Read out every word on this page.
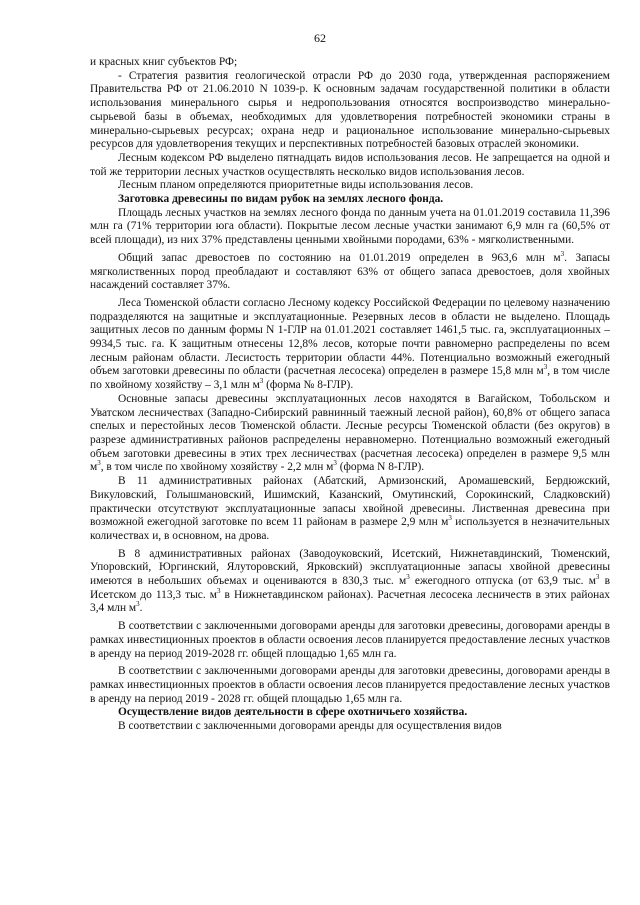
62

и красных книг субъектов РФ;

- Стратегия развития геологической отрасли РФ до 2030 года, утвержденная распоряжением Правительства РФ от 21.06.2010 N 1039-р. К основным задачам государственной политики в области использования минерального сырья и недропользования относятся воспроизводство минерально-сырьевой базы в объемах, необходимых для удовлетворения потребностей экономики страны в минерально-сырьевых ресурсах; охрана недр и рациональное использование минерально-сырьевых ресурсов для удовлетворения текущих и перспективных потребностей базовых отраслей экономики.

Лесным кодексом РФ выделено пятнадцать видов использования лесов. Не запрещается на одной и той же территории лесных участков осуществлять несколько видов использования лесов.

Лесным планом определяются приоритетные виды использования лесов.

Заготовка древесины по видам рубок на землях лесного фонда.

Площадь лесных участков на землях лесного фонда по данным учета на 01.01.2019 составила 11,396 млн га (71% территории юга области). Покрытые лесом лесные участки занимают 6,9 млн га (60,5% от всей площади), из них 37% представлены ценными хвойными породами, 63% - мягколиственными.

Общий запас древостоев по состоянию на 01.01.2019 определен в 963,6 млн $м^3$. Запасы мягколиственных пород преобладают и составляют 63% от общего запаса древостоев, доля хвойных насаждений составляет 37%.

Леса Тюменской области согласно Лесному кодексу Российской Федерации по целевому назначению подразделяются на защитные и эксплуатационные. Резервных лесов в области не выделено. Площадь защитных лесов по данным формы N 1-ГЛР на 01.01.2021 составляет 1461,5 тыс. га, эксплуатационных – 9934,5 тыс. га. К защитным отнесены 12,8% лесов, которые почти равномерно распределены по всем лесным районам области. Лесистость территории области 44%. Потенциально возможный ежегодный объем заготовки древесины по области (расчетная лесосека) определен в размере 15,8 млн $м^3$, в том числе по хвойному хозяйству – 3,1 млн $м^3$ (форма № 8-ГЛР).

Основные запасы древесины эксплуатационных лесов находятся в Вагайском, Тобольском и Уватском лесничествах (Западно-Сибирский равнинный таежный лесной район), 60,8% от общего запаса спелых и перестойных лесов Тюменской области. Лесные ресурсы Тюменской области (без округов) в разрезе административных районов распределены неравномерно. Потенциально возможный ежегодный объем заготовки древесины в этих трех лесничествах (расчетная лесосека) определен в размере 9,5 млн $м^3$, в том числе по хвойному хозяйству - 2,2 млн $м^3$ (форма N 8-ГЛР).

В 11 административных районах (Абатский, Армизонский, Аромашевский, Бердюжский, Викуловский, Голышмановский, Ишимский, Казанский, Омутинский, Сорокинский, Сладковский) практически отсутствуют эксплуатационные запасы хвойной древесины. Лиственная древесина при возможной ежегодной заготовке по всем 11 районам в размере 2,9 млн $м^3$ используется в незначительных количествах и, в основном, на дрова.

В 8 административных районах (Заводоуковский, Исетский, Нижнетавдинский, Тюменский, Упоровский, Юргинский, Ялуторовский, Ярковский) эксплуатационные запасы хвойной древесины имеются в небольших объемах и оцениваются в 830,3 тыс. $м^3$ ежегодного отпуска (от 63,9 тыс. $м^3$ в Исетском до 113,3 тыс. $м^3$ в Нижнетавдинском районах). Расчетная лесосека лесничеств в этих районах 3,4 млн $м^3$.

В соответствии с заключенными договорами аренды для заготовки древесины, договорами аренды в рамках инвестиционных проектов в области освоения лесов планируется предоставление лесных участков в аренду на период 2019-2028 гг. общей площадью 1,65 млн га.

В соответствии с заключенными договорами аренды для заготовки древесины, договорами аренды в рамках инвестиционных проектов в области освоения лесов планируется предоставление лесных участков в аренду на период 2019 - 2028 гг. общей площадью 1,65 млн га.

Осуществление видов деятельности в сфере охотничьего хозяйства.

В соответствии с заключенными договорами аренды для осуществления видов
